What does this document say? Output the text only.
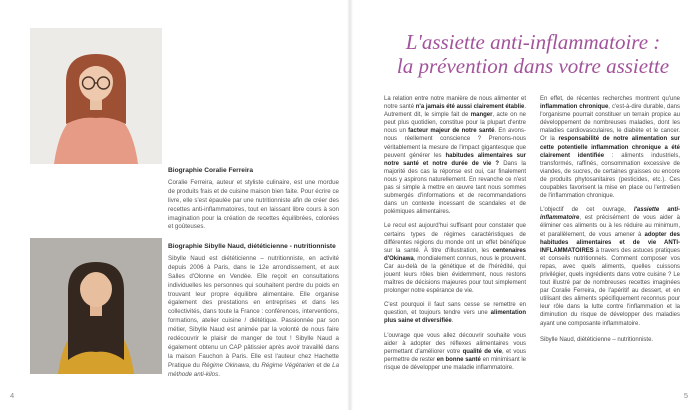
Biographie Coralie Ferreira

Coralie Ferreira, auteur et styliste culinaire, est une mordue de produits frais et de cuisine maison bien faite. Pour écrire ce livre, elle s'est épaulée par une nutritionniste afin de créer des recettes anti-inflammatoires, tout en laissant libre cours à son imagination pour la création de recettes équilibrées, colorées et goûteuses.

Biographie Sibylle Naud, diététicienne - nutritionniste

Sibylle Naud est diététicienne – nutritionniste, en activité depuis 2006 à Paris, dans le 12e arrondissement, et aux Salles d'Olonne en Vendée. Elle reçoit en consultations individuelles les personnes qui souhaitent perdre du poids en trouvant leur propre équilibre alimentaire. Elle organise également des prestations en entreprises et dans les collectivités, dans toute la France : conférences, interventions, formations, atelier cuisine / diététique. Passionnée par son métier, Sibylle Naud est animée par la volonté de nous faire redécouvrir le plaisir de manger de tout ! Sibylle Naud a également obtenu un CAP pâtissier après avoir travaillé dans la maison Fauchon à Paris. Elle est l'auteur chez Hachette Pratique du Régime Okinawa, du Régime Végétarien et de La méthode anti-kilos.

4
L'assiette anti-inflammatoire :
la prévention dans votre assiette

La relation entre notre manière de nous alimenter et notre santé n'a jamais été aussi clairement établie. Autrement dit, le simple fait de manger, acte on ne peut plus quotidien, constitue pour la plupart d'entre nous un facteur majeur de notre santé. En avons-nous réellement conscience ? Prenons-nous véritablement la mesure de l'impact gigantesque que peuvent générer les habitudes alimentaires sur notre santé et notre durée de vie ? Dans la majorité des cas la réponse est oui, car finalement nous y aspirons naturellement. En revanche ce n'est pas si simple à mettre en œuvre tant nous sommes submergés d'informations et de recommandations dans un contexte incessant de scandales et de polémiques alimentaires.

Le recul est aujourd'hui suffisant pour constater que certains types de régimes caractéristiques de différentes régions du monde ont un effet bénéfique sur la santé. À titre d'illustration, les centenaires d'Okinawa, mondialement connus, nous le prouvent. Car au-delà de la génétique et de l'hérédité, qui jouent leurs rôles bien évidemment, nous restons maîtres de décisions majeures pour tout simplement prolonger notre espérance de vie.

C'est pourquoi il faut sans cesse se remettre en question, et toujours tendre vers une alimentation plus saine et diversifiée.

L'ouvrage que vous allez découvrir souhaite vous aider à adopter des réflexes alimentaires vous permettant d'améliorer votre qualité de vie, et vous permettre de rester en bonne santé en minimisant le risque de développer une maladie inflammatoire.

En effet, de récentes recherches montrent qu'une inflammation chronique, c'est-à-dire durable, dans l'organisme pourrait constituer un terrain propice au développement de nombreuses maladies, dont les maladies cardiovasculaires, le diabète et le cancer. Or la responsabilité de notre alimentation sur cette potentielle inflammation chronique a été clairement identifiée : aliments industriels, transformés, raffinés, consommation excessive de viandes, de sucres, de certaines graisses ou encore de produits phytosanitaires (pesticides, etc.). Ces coupables favorisent la mise en place ou l'entretien de l'inflammation chronique.

L'objectif de cet ouvrage, l'assiette anti-inflammatoire, est précisément de vous aider à éliminer ces aliments ou à les réduire au minimum, et parallèlement, de vous amener à adopter des habitudes alimentaires et de vie ANTI-INFLAMMATOIRES à travers des astuces pratiques et conseils nutritionnels. Comment composer vos repas, avec quels aliments, quelles cuissons privilégier, quels ingrédients dans votre cuisine ? Le tout illustré par de nombreuses recettes imaginées par Coralie Ferreira, de l'apéritif au dessert, et en utilisant des aliments spécifiquement reconnus pour leur rôle dans la lutte contre l'inflammation et la diminution du risque de développer des maladies ayant une composante inflammatoire.

Sibylle Naud, diététicienne – nutritionniste.

5
